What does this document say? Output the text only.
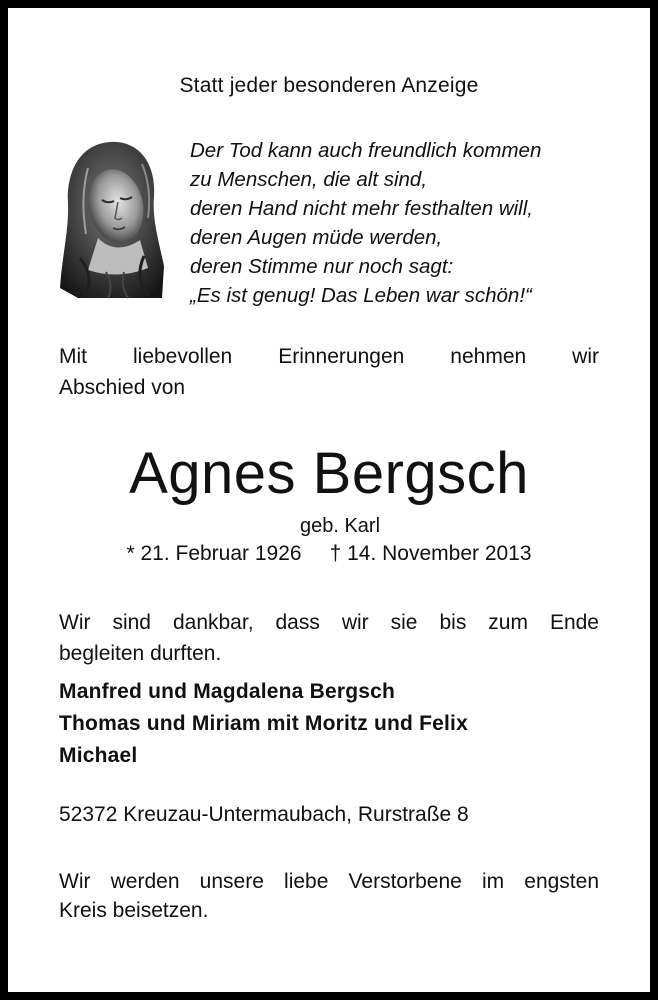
Statt jeder besonderen Anzeige
Der Tod kann auch freundlich kommen
zu Menschen, die alt sind,
deren Hand nicht mehr festhalten will,
deren Augen müde werden,
deren Stimme nur noch sagt:
„Es ist genug! Das Leben war schön!“
Mit liebevollen Erinnerungen nehmen wir
Abschied von
Agnes Bergsch
geb. Karl
* 21. Februar 1926 † 14. November 2013
Wir sind dankbar, dass wir sie bis zum Ende
begleiten durften.
Manfred und Magdalena Bergsch
Thomas und Miriam mit Moritz und Felix
Michael
52372 Kreuzau-Untermaubach, Rurstraße 8
Wir werden unsere liebe Verstorbene im engsten
Kreis beisetzen.
